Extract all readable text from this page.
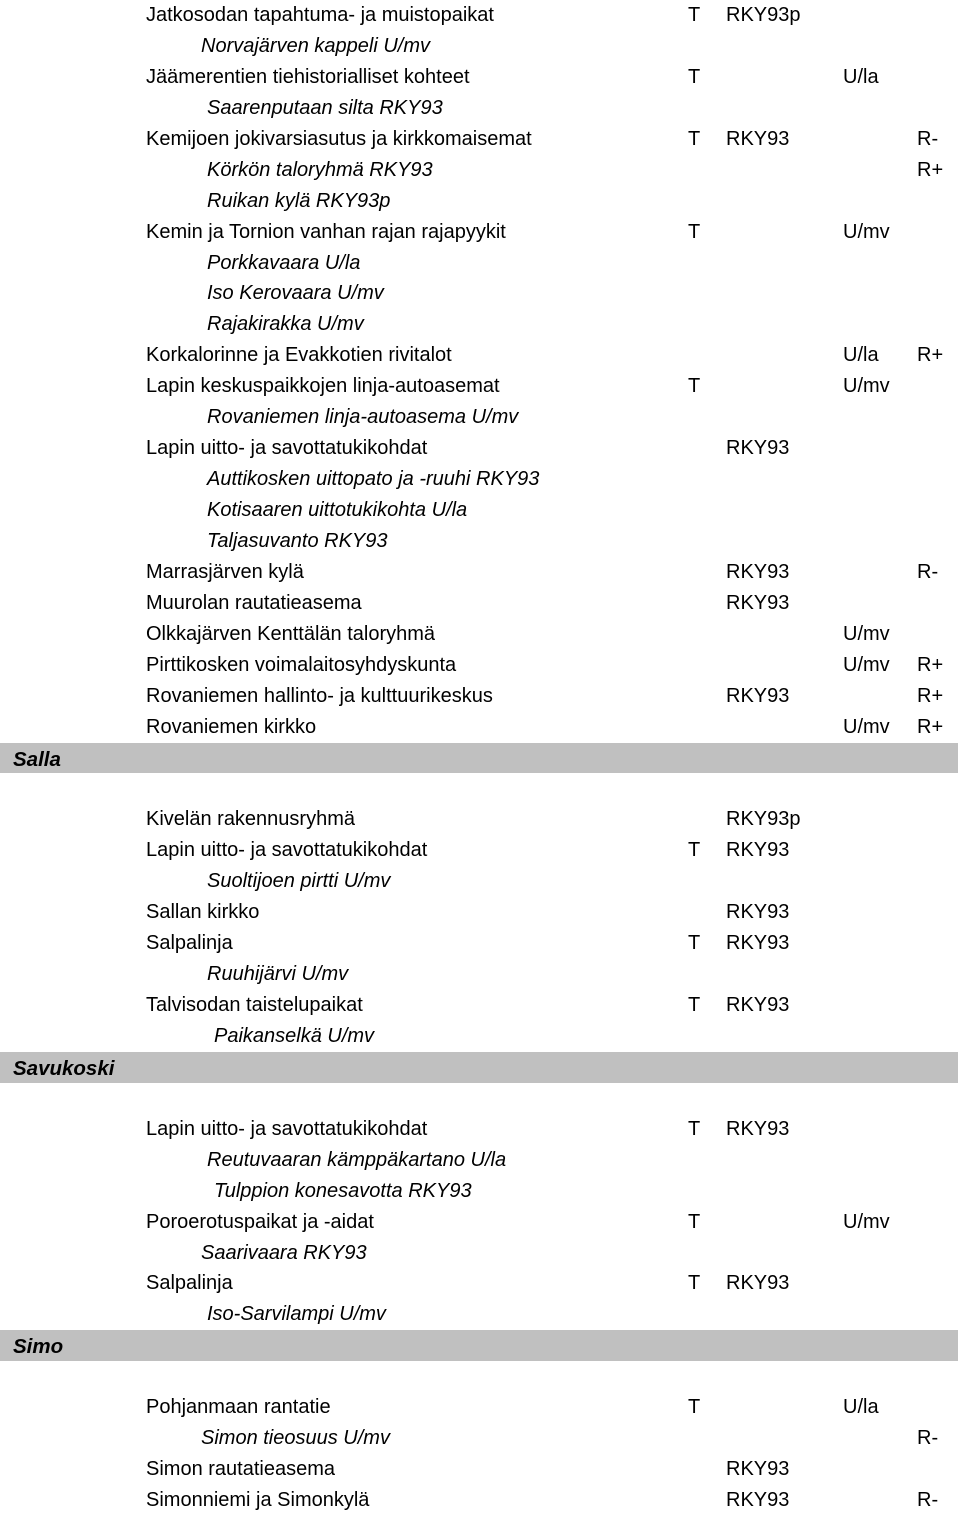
Jatkosodan tapahtuma- ja muistopaikat	T RKY93p
Norvajärven kappeli U/mv
Jäämerentien tiehistorialliset kohteet	T	U/la
Saarenputaan silta RKY93
Kemijoen jokivarsiasutus ja kirkkomaisemat	T RKY93	R-
Körkön taloryhmä RKY93	R+
Ruikan kylä RKY93p
Kemin ja Tornion vanhan rajan rajapyykit	T	U/mv
Porkkavaara U/la
Iso Kerovaara U/mv
Rajakirakka U/mv
Korkalorinne ja Evakkotien rivitalot	U/la R+
Lapin keskuspaikkojen linja-autoasemat	T	U/mv
Rovaniemen linja-autoasema U/mv
Lapin uitto- ja savottatukikohdat	RKY93
Auttikosken uittopato ja -ruuhi RKY93
Kotisaaren uittotukikohta U/la
Taljasuvanto RKY93
Marrasjärven kylä	RKY93	R-
Muurolan rautatieasema	RKY93
Olkkajärven Kenttälän taloryhmä	U/mv
Pirttikosken voimalaitosyhdyskunta	U/mv R+
Rovaniemen hallinto- ja kulttuurikeskus	RKY93	R+
Rovaniemen kirkko	U/mv R+
Salla
Kivelän rakennusryhmä	RKY93p
Lapin uitto- ja savottatukikohdat	T RKY93
Suoltijoen pirtti U/mv
Sallan kirkko	RKY93
Salpalinja	T RKY93
Ruuhijärvi U/mv
Talvisodan taistelupaikat	T RKY93
Paikanselkä U/mv
Savukoski
Lapin uitto- ja savottatukikohdat	T RKY93
Reutuvaaran kämppäkartano U/la
Tulppion konesavotta RKY93
Poroerotuspaikat ja -aidat	T	U/mv
Saarivaara RKY93
Salpalinja	T RKY93
Iso-Sarvilampi U/mv
Simo
Pohjanmaan rantatie	T	U/la
Simon tieosuus U/mv	R-
Simon rautatieasema	RKY93
Simonniemi ja Simonkylä	RKY93	R-
